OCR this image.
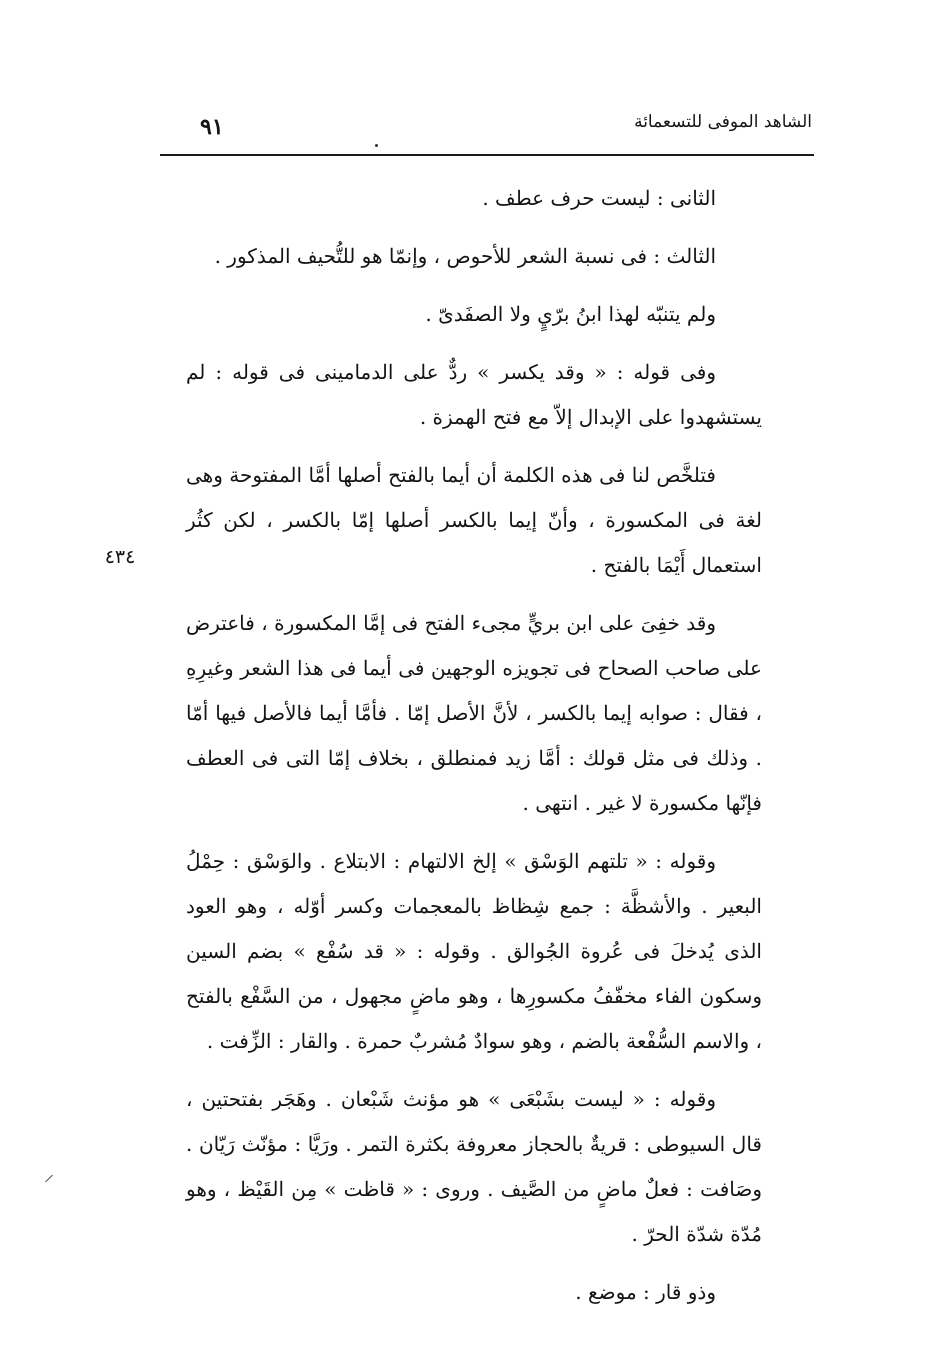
الشاهد الموفى للتسعمائة
٩١
٤٣٤

الثانى : ليست حرف عطف .

الثالث : فى نسبة الشعر للأحوص ، وإنمّا هو للتُّحيف المذكور .

ولم يتنبّه لهذا ابنُ برّيٍ ولا الصفَدىّ .

وفى قوله : « وقد يكسر » ردٌّ على الدمامينى فى قوله : لم يستشهدوا على الإبدال إلاّ مع فتح الهمزة .

فتلخَّص لنا فى هذه الكلمة أن أيما بالفتح أصلها أمَّا المفتوحة وهى لغة فى المكسورة ، وأنّ إيما بالكسر أصلها إمّا بالكسر ، لكن كثُر استعمال أَيْمَا بالفتح .

وقد خفِىَ على ابن بريٍّ مجىء الفتح فى إمَّا المكسورة ، فاعترض على صاحب الصحاح فى تجويزه الوجهين فى أيما فى هذا الشعر وغيرِهِ ، فقال : صوابه إيما بالكسر ، لأنَّ الأصل إمّا . فأمَّا أيما فالأصل فيها أمّا . وذلك فى مثل قولك : أمَّا زيد فمنطلق ، بخلاف إمّا التى فى العطف فإنّها مكسورة لا غير . انتهى .

وقوله : « تلتهم الوَسْق » إلخ الالتهام : الابتلاع . والوَسْق : حِمْلُ البعير . والأشظَّة : جمع شِظاظ بالمعجمات وكسر أوّله ، وهو العود الذى يُدخلَ فى عُروة الجُوالق . وقوله : « قد سُفْع » بضم السين وسكون الفاء مخفّفُ مكسورِها ، وهو ماضٍ مجهول ، من السَّفْع بالفتح ، والاسم السُّفْعة بالضم ، وهو سوادٌ مُشربٌ حمرة . والقار : الزِّفت .

وقوله : « ليست بشَبْعَى » هو مؤنث شَبْعان . وهَجَر بفتحتين ، قال السيوطى : قريةٌ بالحجاز معروفة بكثرة التمر . ورَيَّا : مؤنّث رَيّان . وصَافت : فعلٌ ماضٍ من الصَّيف . وروى : « قاظت » مِن القَيْظ ، وهو مُدّة شدّة الحرّ .

وذو قار : موضع .
